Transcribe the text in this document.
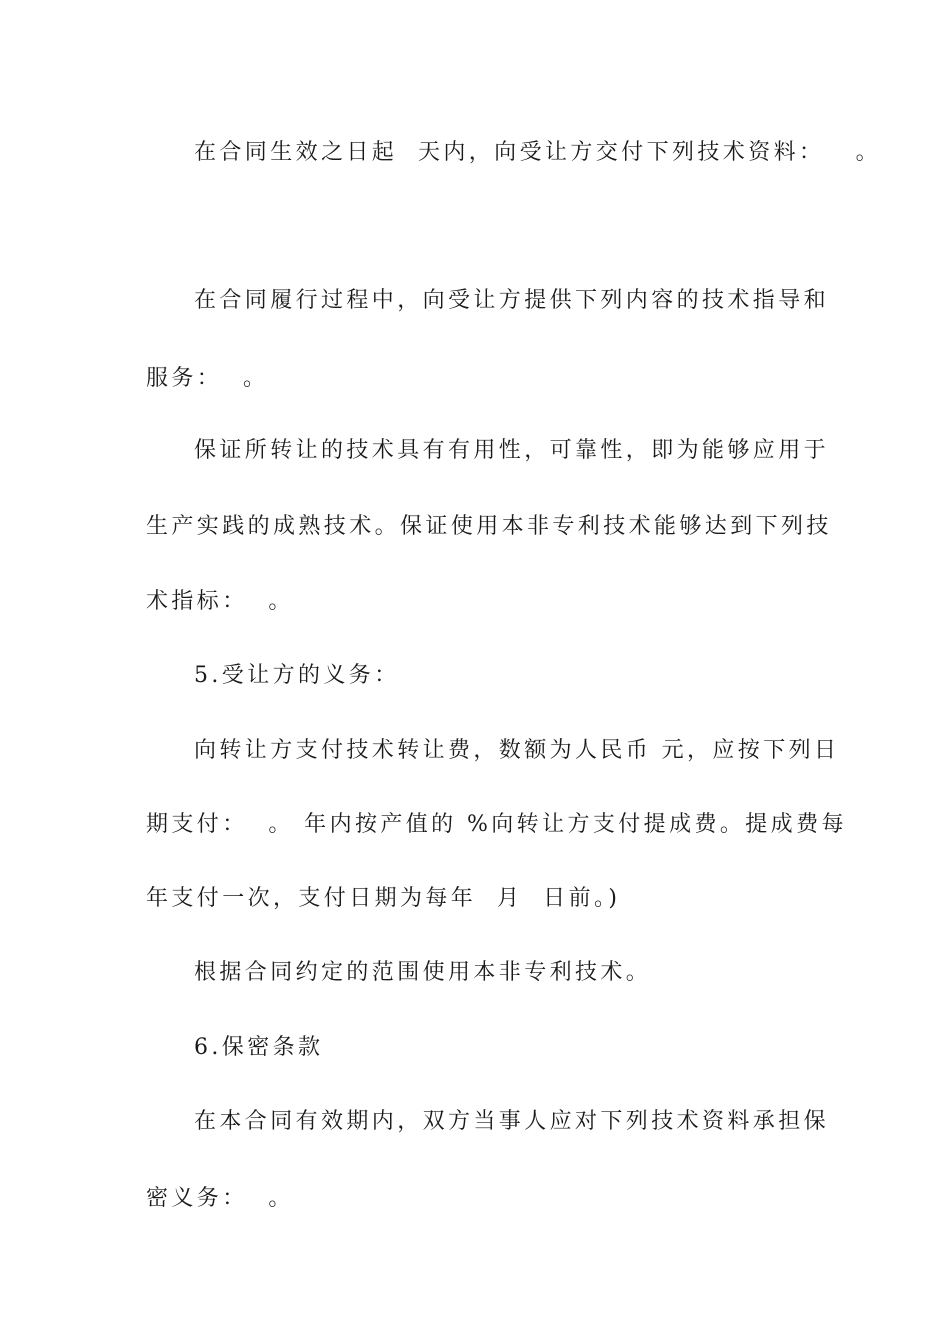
在合同生效之日起  天内，向受让方交付下列技术资料：   。
在合同履行过程中，向受让方提供下列内容的技术指导和
服务：  。
保证所转让的技术具有有用性，可靠性，即为能够应用于
生产实践的成熟技术。保证使用本非专利技术能够达到下列技
术指标：  。
5.受让方的义务：
向转让方支付技术转让费，数额为人民币 元，应按下列日
期支付：  。 年内按产值的 %向转让方支付提成费。提成费每
年支付一次，支付日期为每年  月  日前。)
根据合同约定的范围使用本非专利技术。
6.保密条款
在本合同有效期内，双方当事人应对下列技术资料承担保
密义务：  。
